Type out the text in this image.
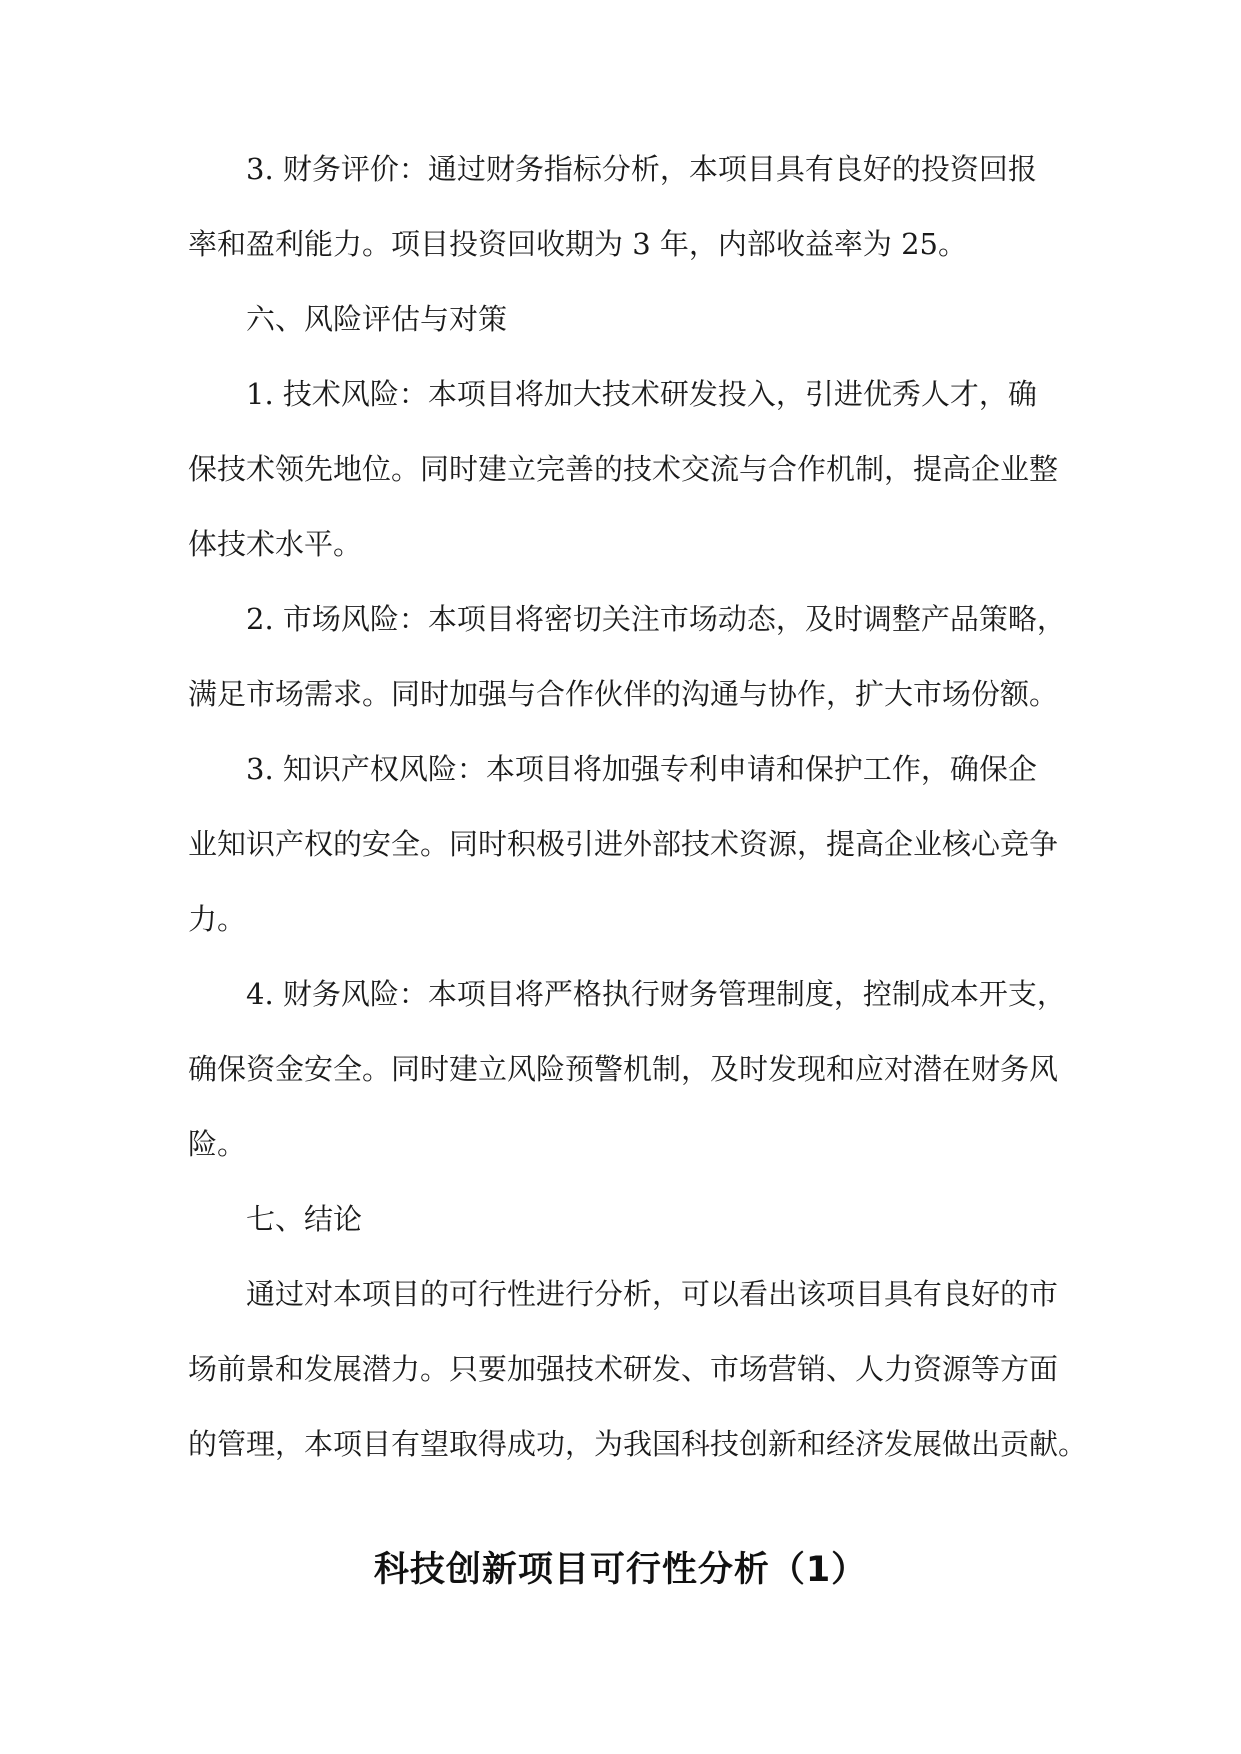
3. 财务评价：通过财务指标分析，本项目具有良好的投资回报
率和盈利能力。项目投资回收期为 3 年，内部收益率为 25。
六、风险评估与对策
1. 技术风险：本项目将加大技术研发投入，引进优秀人才，确
保技术领先地位。同时建立完善的技术交流与合作机制，提高企业整
体技术水平。
2. 市场风险：本项目将密切关注市场动态，及时调整产品策略，
满足市场需求。同时加强与合作伙伴的沟通与协作，扩大市场份额。
3. 知识产权风险：本项目将加强专利申请和保护工作，确保企
业知识产权的安全。同时积极引进外部技术资源，提高企业核心竞争
力。
4. 财务风险：本项目将严格执行财务管理制度，控制成本开支，
确保资金安全。同时建立风险预警机制，及时发现和应对潜在财务风
险。
七、结论
通过对本项目的可行性进行分析，可以看出该项目具有良好的市
场前景和发展潜力。只要加强技术研发、市场营销、人力资源等方面
的管理，本项目有望取得成功，为我国科技创新和经济发展做出贡献。
科技创新项目可行性分析（1）
